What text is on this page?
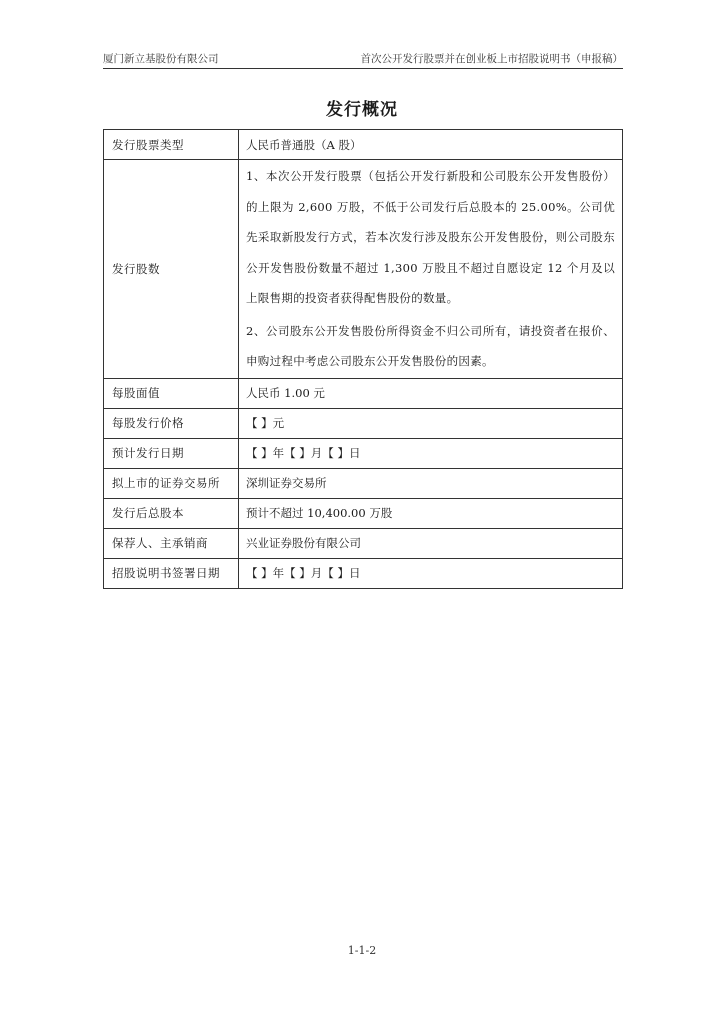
厦门新立基股份有限公司	首次公开发行股票并在创业板上市招股说明书（申报稿）
发行概况
发行股票类型	人民币普通股（A 股）
发行股数	1、本次公开发行股票（包括公开发行新股和公司股东公开发售股份）的上限为 2,600 万股，不低于公司发行后总股本的 25.00%。公司优先采取新股发行方式，若本次发行涉及股东公开发售股份，则公司股东公开发售股份数量不超过 1,300 万股且不超过自愿设定 12 个月及以上限售期的投资者获得配售股份的数量。
2、公司股东公开发售股份所得资金不归公司所有，请投资者在报价、申购过程中考虑公司股东公开发售股份的因素。

每股面值	人民币 1.00 元
每股发行价格	【 】元
预计发行日期	【 】年【 】月【 】日
拟上市的证券交易所	深圳证券交易所
发行后总股本	预计不超过 10,400.00 万股
保荐人、主承销商	兴业证券股份有限公司
招股说明书签署日期	【 】年【 】月【 】日
1-1-2
